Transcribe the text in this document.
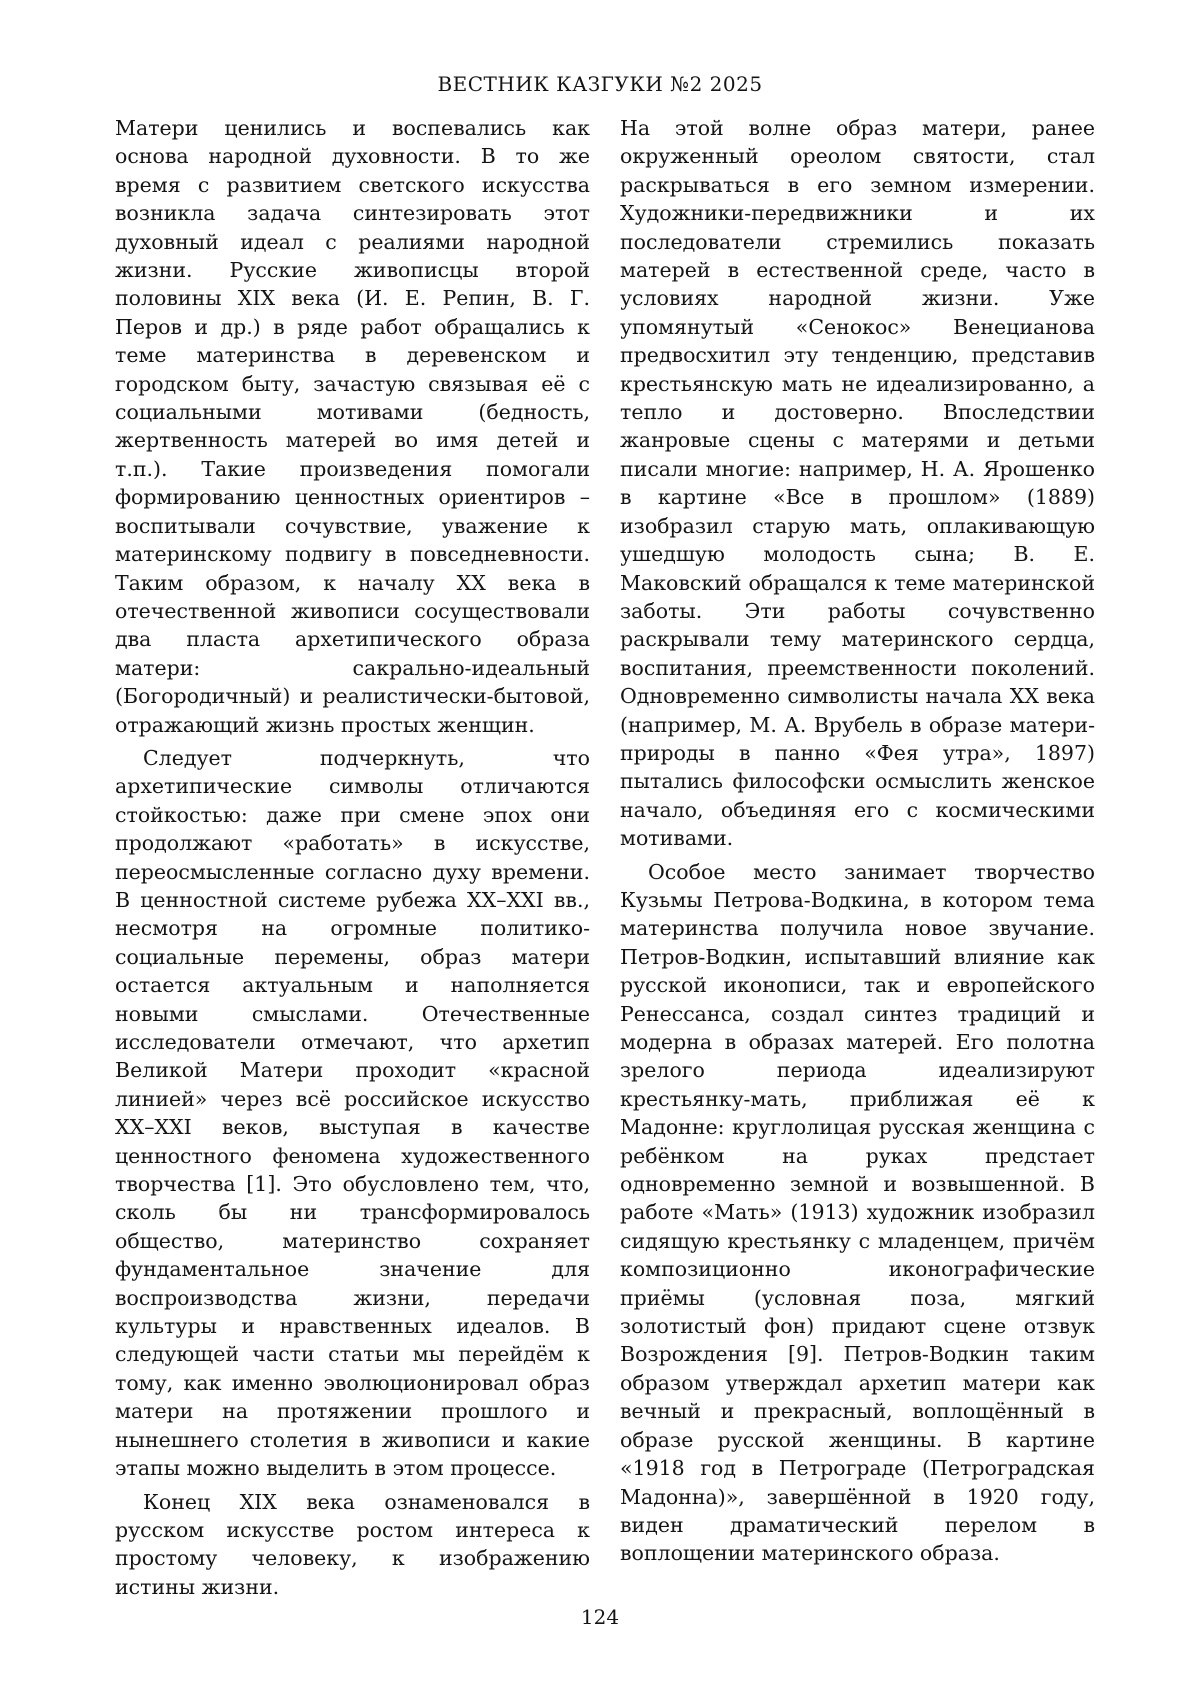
ВЕСТНИК КАЗГУКИ №2 2025

Матери ценились и воспевались как основа народной духовности. В то же время с развитием светского искусства возникла задача синтезировать этот духовный идеал с реалиями народной жизни. Русские живописцы второй половины XIX века (И. Е. Репин, В. Г. Перов и др.) в ряде работ обращались к теме материнства в деревенском и городском быту, зачастую связывая её с социальными мотивами (бедность, жертвенность матерей во имя детей и т.п.). Такие произведения помогали формированию ценностных ориентиров – воспитывали сочувствие, уважение к материнскому подвигу в повседневности. Таким образом, к началу XX века в отечественной живописи сосуществовали два пласта архетипического образа матери: сакрально-идеальный (Богородичный) и реалистически-бытовой, отражающий жизнь простых женщин.

Следует подчеркнуть, что архетипические символы отличаются стойкостью: даже при смене эпох они продолжают «работать» в искусстве, переосмысленные согласно духу времени. В ценностной системе рубежа XX–XXI вв., несмотря на огромные политико-социальные перемены, образ матери остается актуальным и наполняется новыми смыслами. Отечественные исследователи отмечают, что архетип Великой Матери проходит «красной линией» через всё российское искусство XX–XXI веков, выступая в качестве ценностного феномена художественного творчества [1]. Это обусловлено тем, что, сколь бы ни трансформировалось общество, материнство сохраняет фундаментальное значение для воспроизводства жизни, передачи культуры и нравственных идеалов. В следующей части статьи мы перейдём к тому, как именно эволюционировал образ матери на протяжении прошлого и нынешнего столетия в живописи и какие этапы можно выделить в этом процессе.

Конец XIX века ознаменовался в русском искусстве ростом интереса к простому человеку, к изображению истины жизни.

На этой волне образ матери, ранее окруженный ореолом святости, стал раскрываться в его земном измерении. Художники-передвижники и их последователи стремились показать матерей в естественной среде, часто в условиях народной жизни. Уже упомянутый «Сенокос» Венецианова предвосхитил эту тенденцию, представив крестьянскую мать не идеализированно, а тепло и достоверно. Впоследствии жанровые сцены с матерями и детьми писали многие: например, Н. А. Ярошенко в картине «Все в прошлом» (1889) изобразил старую мать, оплакивающую ушедшую молодость сына; В. Е. Маковский обращался к теме материнской заботы. Эти работы сочувственно раскрывали тему материнского сердца, воспитания, преемственности поколений. Одновременно символисты начала XX века (например, М. А. Врубель в образе матери-природы в панно «Фея утра», 1897) пытались философски осмыслить женское начало, объединяя его с космическими мотивами.

Особое место занимает творчество Кузьмы Петрова-Водкина, в котором тема материнства получила новое звучание. Петров-Водкин, испытавший влияние как русской иконописи, так и европейского Ренессанса, создал синтез традиций и модерна в образах матерей. Его полотна зрелого периода идеализируют крестьянку-мать, приближая её к Мадонне: круглолицая русская женщина с ребёнком на руках предстает одновременно земной и возвышенной. В работе «Мать» (1913) художник изобразил сидящую крестьянку с младенцем, причём композиционно иконографические приёмы (условная поза, мягкий золотистый фон) придают сцене отзвук Возрождения [9]. Петров-Водкин таким образом утверждал архетип матери как вечный и прекрасный, воплощённый в образе русской женщины. В картине «1918 год в Петрограде (Петроградская Мадонна)», завершённой в 1920 году, виден драматический перелом в воплощении материнского образа.

124
